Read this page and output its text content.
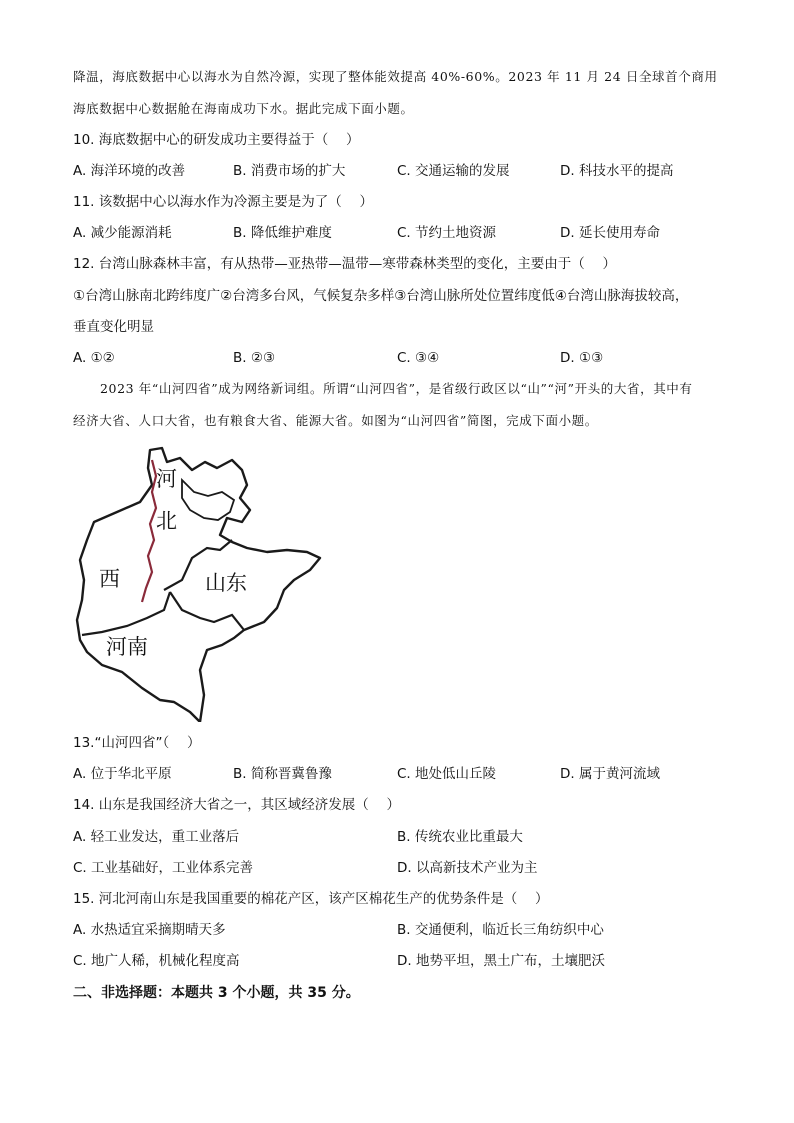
降温，海底数据中心以海水为自然冷源，实现了整体能效提高 40%-60%。2023 年 11 月 24 日全球首个商用
海底数据中心数据舱在海南成功下水。据此完成下面小题。
10. 海底数据中心的研发成功主要得益于（　 ）
A. 海洋环境的改善	B. 消费市场的扩大	C. 交通运输的发展	D. 科技水平的提高
11. 该数据中心以海水作为冷源主要是为了（　 ）
A. 减少能源消耗	B. 降低维护难度	C. 节约土地资源	D. 延长使用寿命
12. 台湾山脉森林丰富，有从热带—亚热带—温带—寒带森林类型的变化，主要由于（　 ）
①台湾山脉南北跨纬度广②台湾多台风，气候复杂多样③台湾山脉所处位置纬度低④台湾山脉海拔较高，
垂直变化明显
A. ①②	B. ②③	C. ③④	D. ①③
2023 年“山河四省”成为网络新词组。所谓“山河四省”，是省级行政区以“山”“河”开头的大省，其中有
经济大省、人口大省，也有粮食大省、能源大省。如图为“山河四省”简图，完成下面小题。
河
北
西	山东
河南
13.“山河四省”（　 ）
A. 位于华北平原	B. 简称晋冀鲁豫	C. 地处低山丘陵	D. 属于黄河流域
14. 山东是我国经济大省之一，其区域经济发展（　 ）
A. 轻工业发达，重工业落后	B. 传统农业比重最大
C. 工业基础好，工业体系完善	D. 以高新技术产业为主
15. 河北河南山东是我国重要的棉花产区，该产区棉花生产的优势条件是（　 ）
A. 水热适宜采摘期晴天多	B. 交通便利，临近长三角纺织中心
C. 地广人稀，机械化程度高	D. 地势平坦，黑土广布，土壤肥沃
二、非选择题：本题共 3 个小题，共 35 分。
